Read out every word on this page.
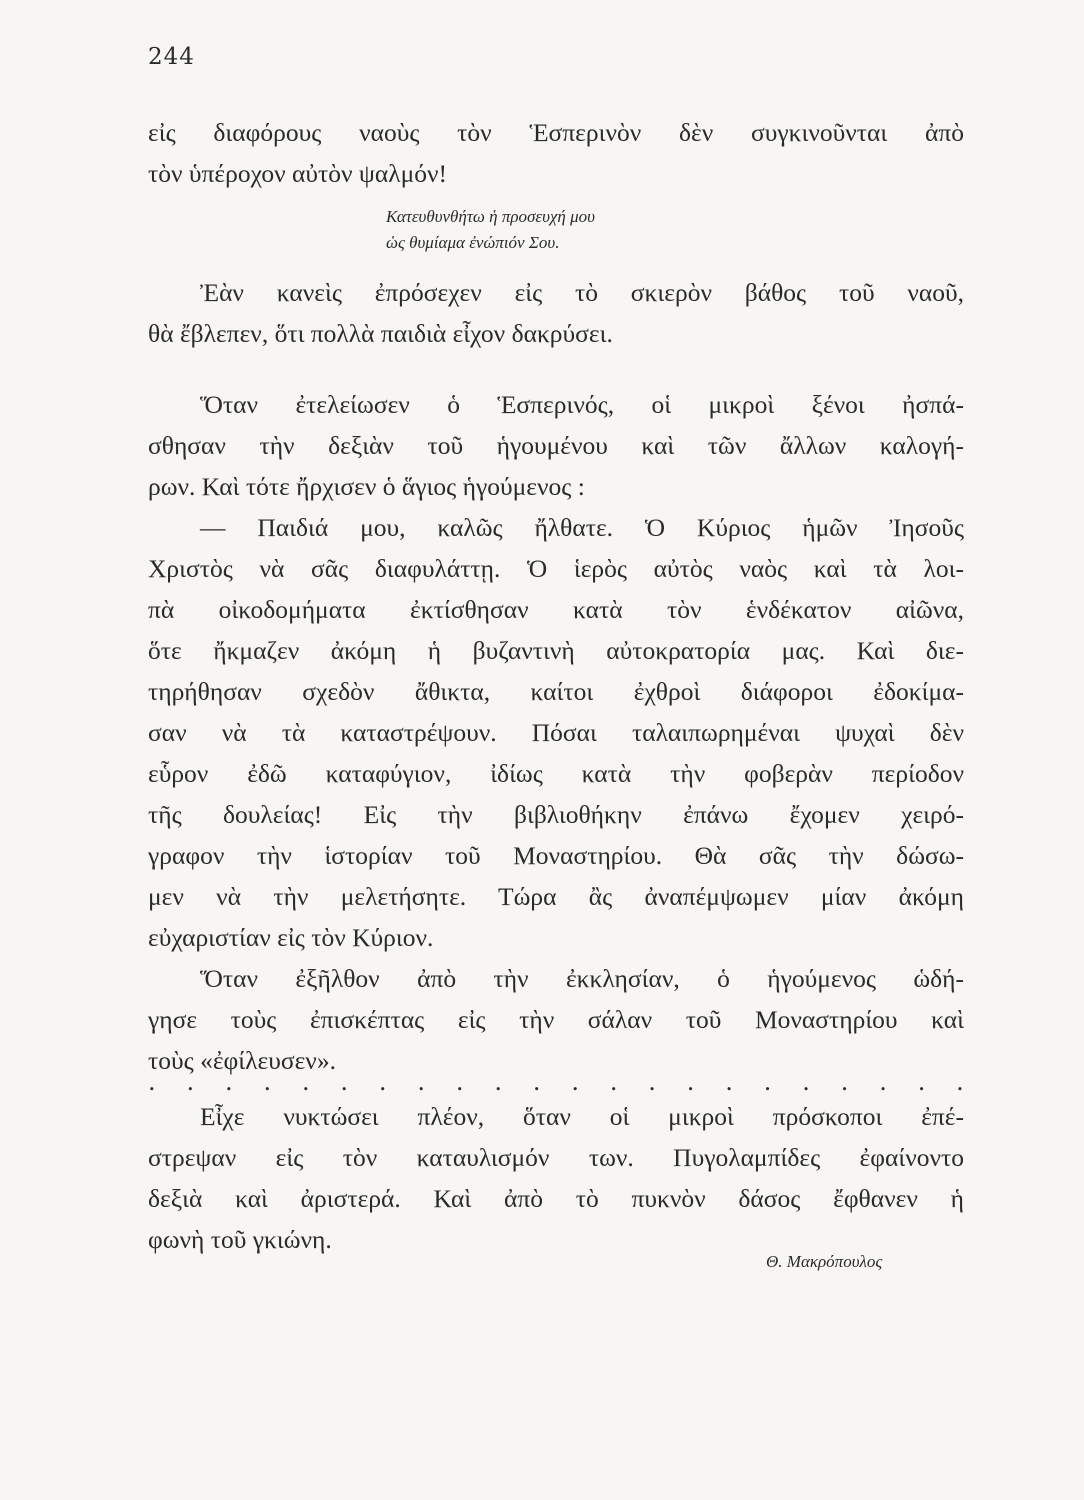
244
εἰς διαφόρους ναοὺς τὸν Ἑσπερινὸν δὲν συγκινοῦνται ἀπὸ
τὸν ὑπέροχον αὐτὸν ψαλμόν!
Κατευθυνθήτω ἡ προσευχή μου
ὡς θυμίαμα ἐνώπιόν Σου.
Ἐὰν κανεὶς ἐπρόσεχεν εἰς τὸ σκιερὸν βάθος τοῦ ναοῦ,
θὰ ἔβλεπεν, ὅτι πολλὰ παιδιὰ εἶχον δακρύσει.
Ὅταν ἐτελείωσεν ὁ Ἑσπερινός, οἱ μικροὶ ξένοι ἠσπά-
σθησαν τὴν δεξιὰν τοῦ ἡγουμένου καὶ τῶν ἄλλων καλογή-
ρων. Καὶ τότε ἤρχισεν ὁ ἅγιος ἡγούμενος :
— Παιδιά μου, καλῶς ἤλθατε. Ὁ Κύριος ἡμῶν Ἰησοῦς
Χριστὸς νὰ σᾶς διαφυλάττῃ. Ὁ ἱερὸς αὐτὸς ναὸς καὶ τὰ λοι-
πὰ οἰκοδομήματα ἐκτίσθησαν κατὰ τὸν ἑνδέκατον αἰῶνα,
ὅτε ἤκμαζεν ἀκόμη ἡ βυζαντινὴ αὐτοκρατορία μας. Καὶ διε-
τηρήθησαν σχεδὸν ἄθικτα, καίτοι ἐχθροὶ διάφοροι ἐδοκίμα-
σαν νὰ τὰ καταστρέψουν. Πόσαι ταλαιπωρημέναι ψυχαὶ δὲν
εὗρον ἐδῶ καταφύγιον, ἰδίως κατὰ τὴν φοβερὰν περίοδον
τῆς δουλείας! Εἰς τὴν βιβλιοθήκην ἐπάνω ἔχομεν χειρό-
γραφον τὴν ἱστορίαν τοῦ Μοναστηρίου. Θὰ σᾶς τὴν δώσω-
μεν νὰ τὴν μελετήσητε. Τώρα ἂς ἀναπέμψωμεν μίαν ἀκόμη
εὐχαριστίαν εἰς τὸν Κύριον.
Ὅταν ἐξῆλθον ἀπὸ τὴν ἐκκλησίαν, ὁ ἡγούμενος ὡδή-
γησε τοὺς ἐπισκέπτας εἰς τὴν σάλαν τοῦ Μοναστηρίου καὶ
τοὺς «ἐφίλευσεν».
. . . . . . . . . . . . . . . . . . . . . .
Εἶχε νυκτώσει πλέον, ὅταν οἱ μικροὶ πρόσκοποι ἐπέ-
στρεψαν εἰς τὸν καταυλισμόν των. Πυγολαμπίδες ἐφαίνοντο
δεξιὰ καὶ ἀριστερά. Καὶ ἀπὸ τὸ πυκνὸν δάσος ἔφθανεν ἡ
φωνὴ τοῦ γκιώνη.
Θ. Μακρόπουλος
